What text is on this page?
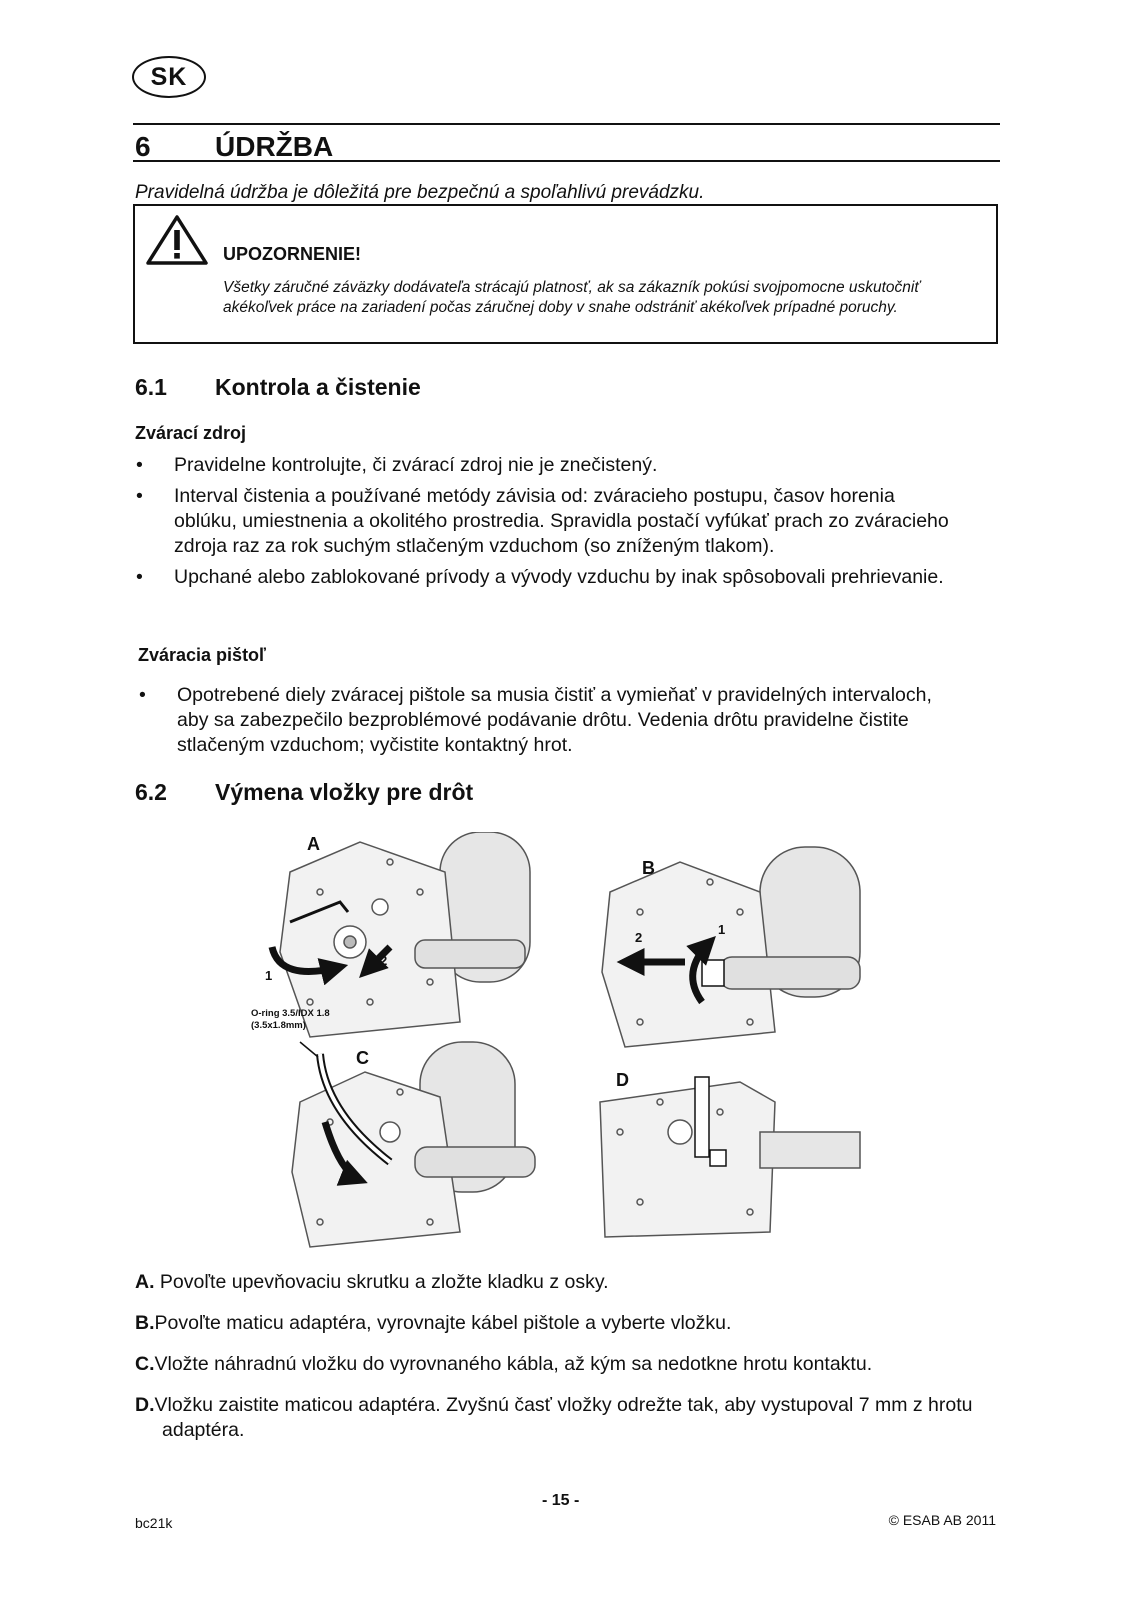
SK
6 ÚDRŽBA
Pravidelná údržba je dôležitá pre bezpečnú a spoľahlivú prevádzku.
UPOZORNENIE!
Všetky záručné záväzky dodávateľa strácajú platnosť, ak sa zákazník pokúsi svojpomocne uskutočniť akékoľvek práce na zariadení počas záručnej doby v snahe odstrániť akékoľvek prípadné poruchy.
6.1 Kontrola a čistenie
Zvárací zdroj
• Pravidelne kontrolujte, či zvárací zdroj nie je znečistený.
• Interval čistenia a používané metódy závisia od: zváracieho postupu, časov horenia oblúku, umiestnenia a okolitého prostredia. Spravidla postačí vyfúkať prach zo zváracieho zdroja raz za rok suchým stlačeným vzduchom (so zníženým tlakom).
• Upchané alebo zablokované prívody a vývody vzduchu by inak spôsobovali prehrievanie.
Zváracia pištoľ
• Opotrebené diely zváracej pištole sa musia čistiť a vymieňať v pravidelných intervaloch, aby sa zabezpečilo bezproblémové podávanie drôtu. Vedenia drôtu pravidelne čistite stlačeným vzduchom; vyčistite kontaktný hrot.
6.2 Výmena vložky pre drôt
A
1
2
B
2
1
C
O-ring 3.5/IDX 1.8
(3.5x1.8mm)
D
A. Povoľte upevňovaciu skrutku a zložte kladku z osky.
B.Povoľte maticu adaptéra, vyrovnajte kábel pištole a vyberte vložku.
C.Vložte náhradnú vložku do vyrovnaného kábla, až kým sa nedotkne hrotu kontaktu.
D.Vložku zaistite maticou adaptéra. Zvyšnú časť vložky odrežte tak, aby vystupoval 7 mm z hrotu adaptéra.
- 15 -
bc21k	© ESAB AB 2011
